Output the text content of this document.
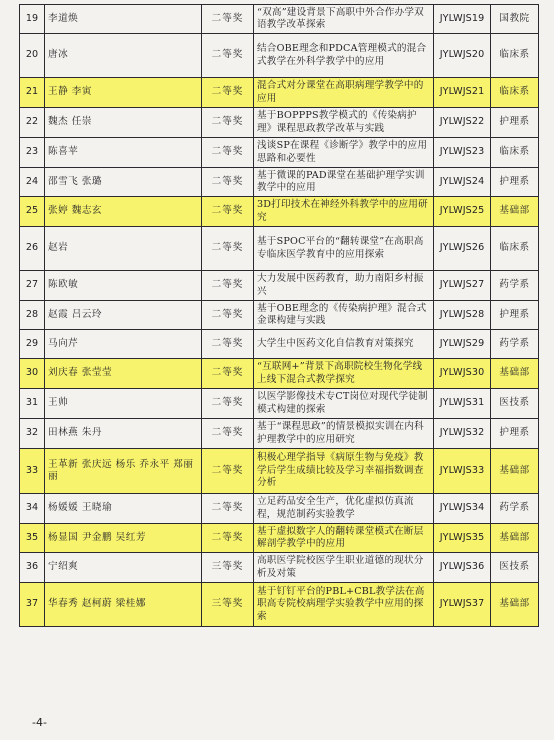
19	李道焕	二等奖	“双高”建设背景下高职中外合作办学双语教学改革探索	JYLWJS19	国教院
20	唐冰	二等奖	结合OBE理念和PDCA管理模式的混合式教学在外科学教学中的应用	JYLWJS20	临床系
21	王静 李寅	二等奖	混合式对分课堂在高职病理学教学中的应用	JYLWJS21	临床系
22	魏杰 任崇	二等奖	基于BOPPPS教学模式的《传染病护理》课程思政教学改革与实践	JYLWJS22	护理系
23	陈喜苹	二等奖	浅谈SP在课程《诊断学》教学中的应用思路和必要性	JYLWJS23	临床系
24	邵雪飞 张璐	二等奖	基于微课的PAD课堂在基础护理学实训教学中的应用	JYLWJS24	护理系
25	张婷 魏志玄	二等奖	3D打印技术在神经外科教学中的应用研究	JYLWJS25	基础部
26	赵岩	二等奖	基于SPOC平台的“翻转课堂”在高职高专临床医学教育中的应用探索	JYLWJS26	临床系
27	陈欧敏	二等奖	大力发展中医药教育，助力南阳乡村振兴	JYLWJS27	药学系
28	赵霞 吕云玲	二等奖	基于OBE理念的《传染病护理》混合式金课构建与实践	JYLWJS28	护理系
29	马向芹	二等奖	大学生中医药文化自信教育对策探究	JYLWJS29	药学系
30	刘庆春 张莹莹	二等奖	“互联网+”背景下高职院校生物化学线上线下混合式教学探究	JYLWJS30	基础部
31	王帅	二等奖	以医学影像技术专CT岗位对现代学徒制模式构建的探索	JYLWJS31	医技系
32	田林燕 朱丹	二等奖	基于“课程思政”的情景模拟实训在内科护理教学中的应用研究	JYLWJS32	护理系
33	王革新 张庆远 杨乐 乔永平 郑丽丽	二等奖	积极心理学指导《病原生物与免疫》教学后学生成绩比较及学习幸福指数调查分析	JYLWJS33	基础部
34	杨媛媛 王晓瑜	二等奖	立足药品安全生产，优化虚拟仿真流程，规范制药实验教学	JYLWJS34	药学系
35	杨显国 尹金鹏 吴红芳	二等奖	基于虚拟数字人的翻转课堂模式在断层解剖学教学中的应用	JYLWJS35	基础部
36	宁绍爽	三等奖	高职医学院校医学生职业道德的现状分析及对策	JYLWJS36	医技系
37	华春秀 赵柯蔚 梁桂娜	三等奖	基于钉钉平台的PBL+CBL教学法在高职高专院校病理学实验教学中应用的探索	JYLWJS37	基础部
-4-
